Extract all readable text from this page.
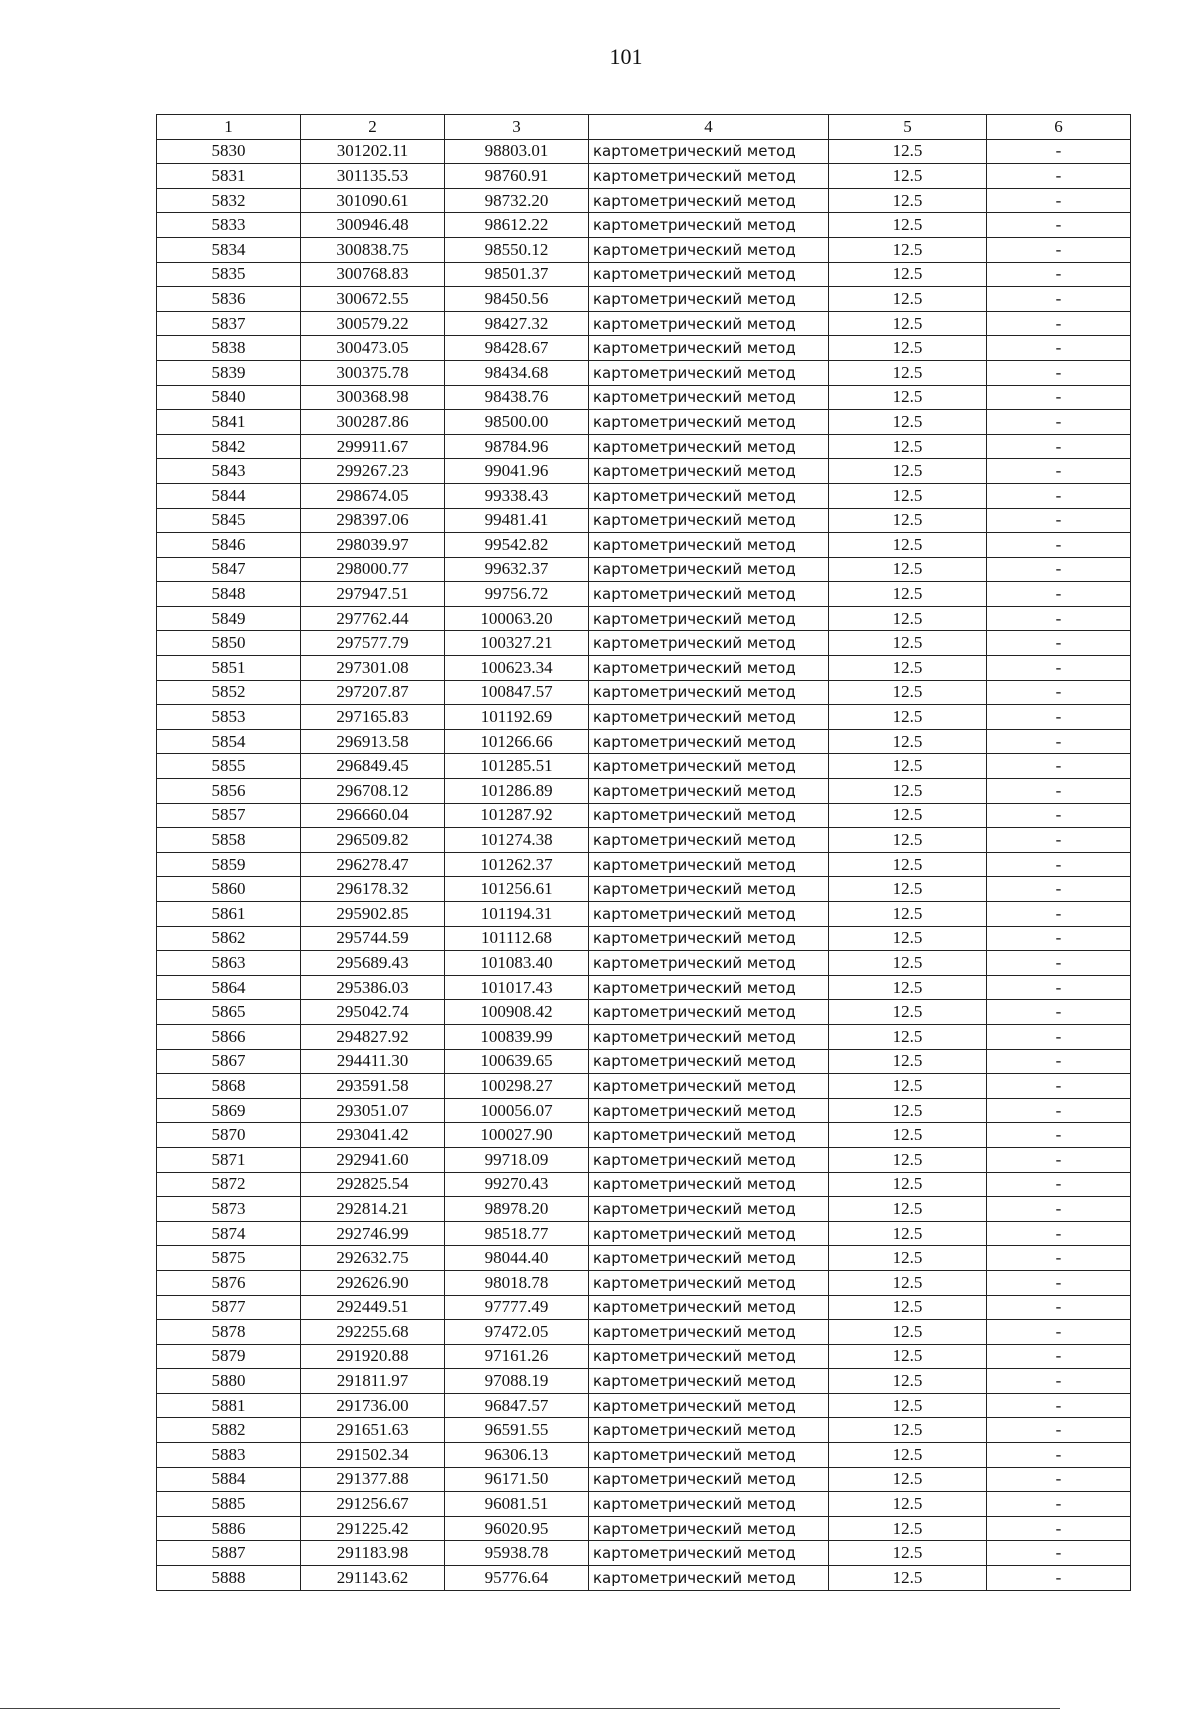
101
1	2	3	4	5	6
5830	301202.11	98803.01	картометрический метод	12.5	-
5831	301135.53	98760.91	картометрический метод	12.5	-
5832	301090.61	98732.20	картометрический метод	12.5	-
5833	300946.48	98612.22	картометрический метод	12.5	-
5834	300838.75	98550.12	картометрический метод	12.5	-
5835	300768.83	98501.37	картометрический метод	12.5	-
5836	300672.55	98450.56	картометрический метод	12.5	-
5837	300579.22	98427.32	картометрический метод	12.5	-
5838	300473.05	98428.67	картометрический метод	12.5	-
5839	300375.78	98434.68	картометрический метод	12.5	-
5840	300368.98	98438.76	картометрический метод	12.5	-
5841	300287.86	98500.00	картометрический метод	12.5	-
5842	299911.67	98784.96	картометрический метод	12.5	-
5843	299267.23	99041.96	картометрический метод	12.5	-
5844	298674.05	99338.43	картометрический метод	12.5	-
5845	298397.06	99481.41	картометрический метод	12.5	-
5846	298039.97	99542.82	картометрический метод	12.5	-
5847	298000.77	99632.37	картометрический метод	12.5	-
5848	297947.51	99756.72	картометрический метод	12.5	-
5849	297762.44	100063.20	картометрический метод	12.5	-
5850	297577.79	100327.21	картометрический метод	12.5	-
5851	297301.08	100623.34	картометрический метод	12.5	-
5852	297207.87	100847.57	картометрический метод	12.5	-
5853	297165.83	101192.69	картометрический метод	12.5	-
5854	296913.58	101266.66	картометрический метод	12.5	-
5855	296849.45	101285.51	картометрический метод	12.5	-
5856	296708.12	101286.89	картометрический метод	12.5	-
5857	296660.04	101287.92	картометрический метод	12.5	-
5858	296509.82	101274.38	картометрический метод	12.5	-
5859	296278.47	101262.37	картометрический метод	12.5	-
5860	296178.32	101256.61	картометрический метод	12.5	-
5861	295902.85	101194.31	картометрический метод	12.5	-
5862	295744.59	101112.68	картометрический метод	12.5	-
5863	295689.43	101083.40	картометрический метод	12.5	-
5864	295386.03	101017.43	картометрический метод	12.5	-
5865	295042.74	100908.42	картометрический метод	12.5	-
5866	294827.92	100839.99	картометрический метод	12.5	-
5867	294411.30	100639.65	картометрический метод	12.5	-
5868	293591.58	100298.27	картометрический метод	12.5	-
5869	293051.07	100056.07	картометрический метод	12.5	-
5870	293041.42	100027.90	картометрический метод	12.5	-
5871	292941.60	99718.09	картометрический метод	12.5	-
5872	292825.54	99270.43	картометрический метод	12.5	-
5873	292814.21	98978.20	картометрический метод	12.5	-
5874	292746.99	98518.77	картометрический метод	12.5	-
5875	292632.75	98044.40	картометрический метод	12.5	-
5876	292626.90	98018.78	картометрический метод	12.5	-
5877	292449.51	97777.49	картометрический метод	12.5	-
5878	292255.68	97472.05	картометрический метод	12.5	-
5879	291920.88	97161.26	картометрический метод	12.5	-
5880	291811.97	97088.19	картометрический метод	12.5	-
5881	291736.00	96847.57	картометрический метод	12.5	-
5882	291651.63	96591.55	картометрический метод	12.5	-
5883	291502.34	96306.13	картометрический метод	12.5	-
5884	291377.88	96171.50	картометрический метод	12.5	-
5885	291256.67	96081.51	картометрический метод	12.5	-
5886	291225.42	96020.95	картометрический метод	12.5	-
5887	291183.98	95938.78	картометрический метод	12.5	-
5888	291143.62	95776.64	картометрический метод	12.5	-
